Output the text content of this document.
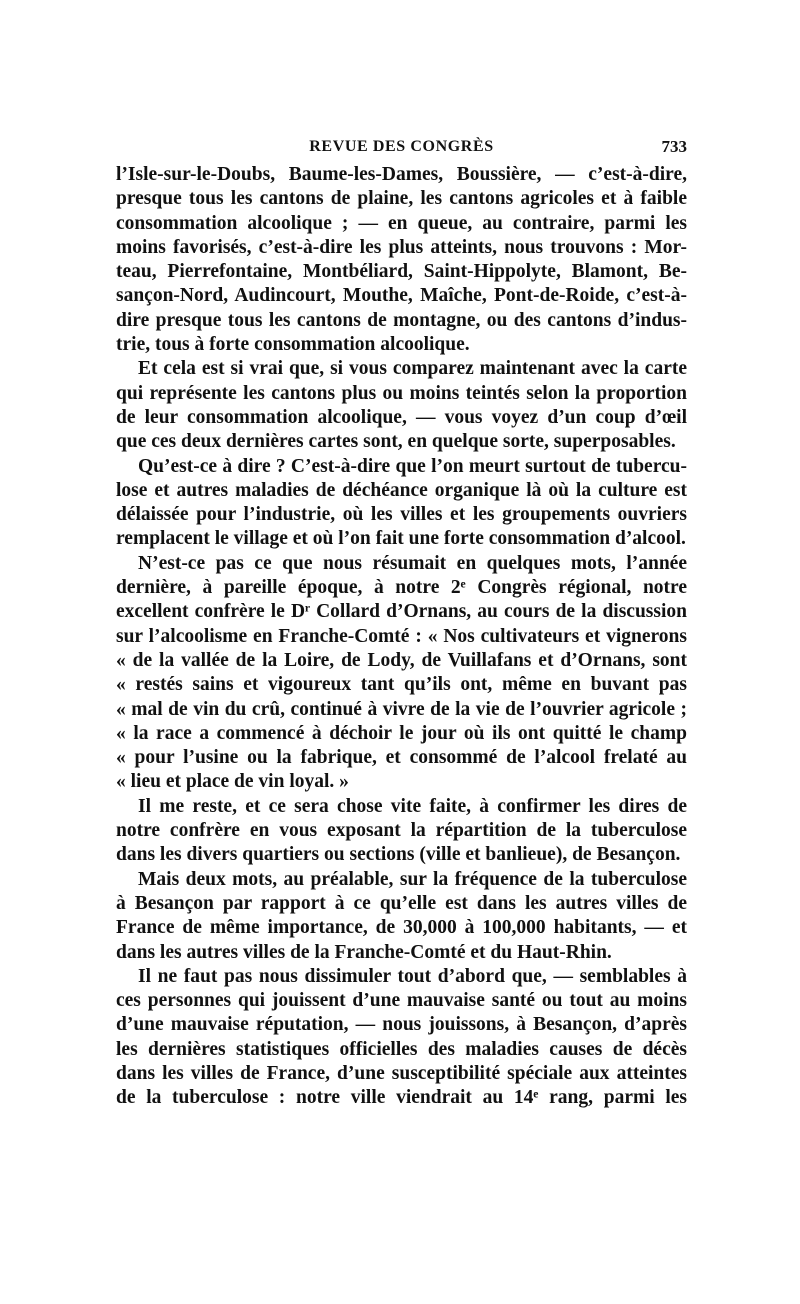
REVUE DES CONGRÈS	733
l’Isle-sur-le-Doubs, Baume-les-Dames, Boussière, — c’est-à-dire,
presque tous les cantons de plaine, les cantons agricoles et à faible
consommation alcoolique ; — en queue, au contraire, parmi les
moins favorisés, c’est-à-dire les plus atteints, nous trouvons : Mor-
teau, Pierrefontaine, Montbéliard, Saint-Hippolyte, Blamont, Be-
sançon-Nord, Audincourt, Mouthe, Maîche, Pont-de-Roide, c’est-à-
dire presque tous les cantons de montagne, ou des cantons d’indus-
trie, tous à forte consommation alcoolique.
Et cela est si vrai que, si vous comparez maintenant avec la carte
qui représente les cantons plus ou moins teintés selon la proportion
de leur consommation alcoolique, — vous voyez d’un coup d’œil
que ces deux dernières cartes sont, en quelque sorte, superposables.
Qu’est-ce à dire ? C’est-à-dire que l’on meurt surtout de tubercu-
lose et autres maladies de déchéance organique là où la culture est
délaissée pour l’industrie, où les villes et les groupements ouvriers
remplacent le village et où l’on fait une forte consommation d’alcool.
N’est-ce pas ce que nous résumait en quelques mots, l’année
dernière, à pareille époque, à notre 2ᵉ Congrès régional, notre
excellent confrère le Dʳ Collard d’Ornans, au cours de la discussion
sur l’alcoolisme en Franche-Comté : « Nos cultivateurs et vignerons
« de la vallée de la Loire, de Lody, de Vuillafans et d’Ornans, sont
« restés sains et vigoureux tant qu’ils ont, même en buvant pas
« mal de vin du crû, continué à vivre de la vie de l’ouvrier agricole ;
« la race a commencé à déchoir le jour où ils ont quitté le champ
« pour l’usine ou la fabrique, et consommé de l’alcool frelaté au
« lieu et place de vin loyal. »
Il me reste, et ce sera chose vite faite, à confirmer les dires de
notre confrère en vous exposant la répartition de la tuberculose
dans les divers quartiers ou sections (ville et banlieue), de Besançon.
Mais deux mots, au préalable, sur la fréquence de la tuberculose
à Besançon par rapport à ce qu’elle est dans les autres villes de
France de même importance, de 30,000 à 100,000 habitants, — et
dans les autres villes de la Franche-Comté et du Haut-Rhin.
Il ne faut pas nous dissimuler tout d’abord que, — semblables à
ces personnes qui jouissent d’une mauvaise santé ou tout au moins
d’une mauvaise réputation, — nous jouissons, à Besançon, d’après
les dernières statistiques officielles des maladies causes de décès
dans les villes de France, d’une susceptibilité spéciale aux atteintes
de la tuberculose : notre ville viendrait au 14ᵉ rang, parmi les
